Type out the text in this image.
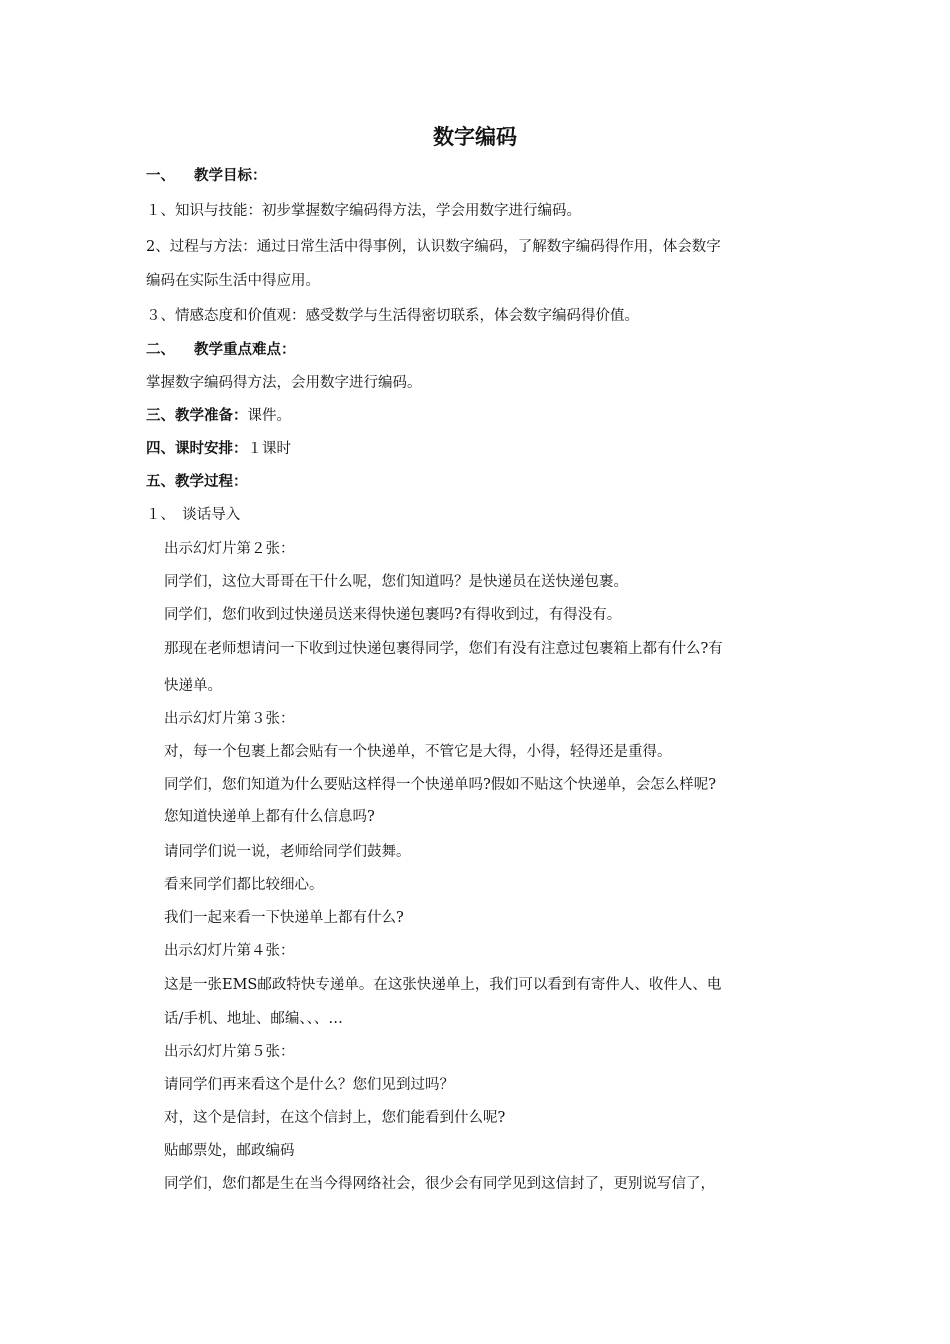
数字编码
一、 教学目标：
１、知识与技能：初步掌握数字编码得方法，学会用数字进行编码。
2、过程与方法：通过日常生活中得事例，认识数字编码，了解数字编码得作用，体会数字
编码在实际生活中得应用。
３、情感态度和价值观：感受数学与生活得密切联系，体会数字编码得价值。
二、 教学重点难点：
掌握数字编码得方法，会用数字进行编码。
三、教学准备：课件。
四、课时安排：１课时
五、教学过程：
１、　谈话导入
出示幻灯片第２张：
同学们，这位大哥哥在干什么呢，您们知道吗？是快递员在送快递包裹。
同学们，您们收到过快递员送来得快递包裹吗?有得收到过，有得没有。
那现在老师想请问一下收到过快递包裹得同学，您们有没有注意过包裹箱上都有什么?有
快递单。
出示幻灯片第３张：
对，每一个包裹上都会贴有一个快递单，不管它是大得，小得，轻得还是重得。
同学们，您们知道为什么要贴这样得一个快递单吗?假如不贴这个快递单，会怎么样呢?
您知道快递单上都有什么信息吗?
请同学们说一说，老师给同学们鼓舞。
看来同学们都比较细心。
我们一起来看一下快递单上都有什么?
出示幻灯片第４张：
这是一张EMS邮政特快专递单。在这张快递单上，我们可以看到有寄件人、收件人、电
话/手机、地址、邮编、、、…
出示幻灯片第５张：
请同学们再来看这个是什么？您们见到过吗？
对，这个是信封，在这个信封上，您们能看到什么呢?
贴邮票处，邮政编码
同学们，您们都是生在当今得网络社会，很少会有同学见到这信封了，更别说写信了，
